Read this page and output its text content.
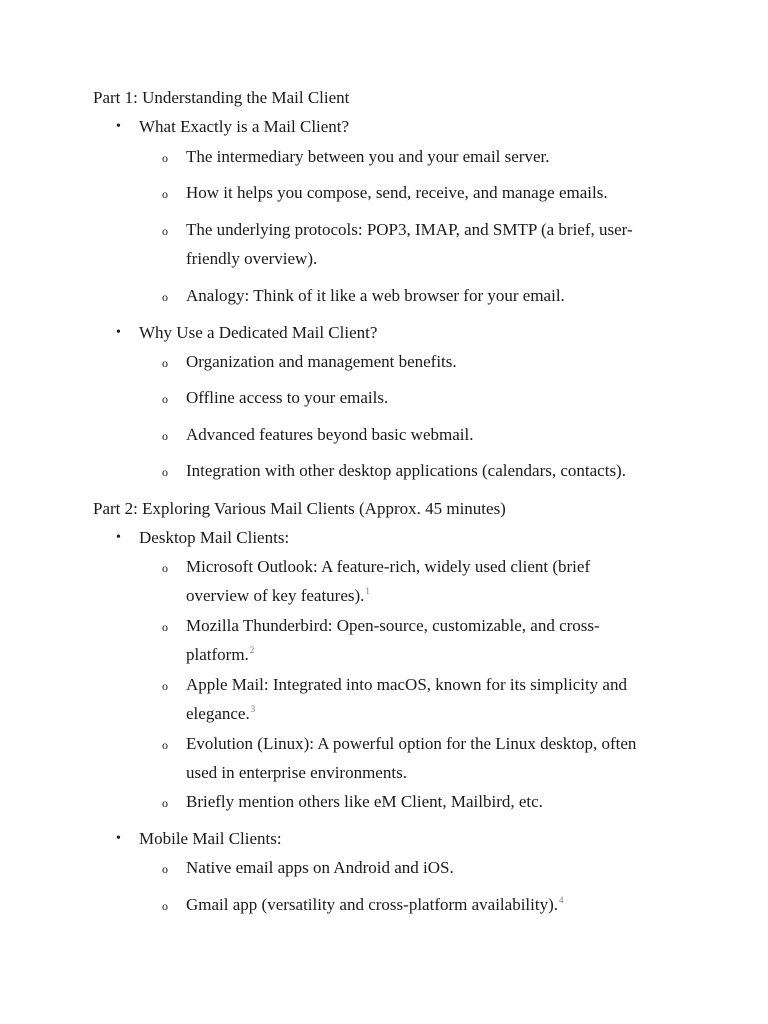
Part 1: Understanding the Mail Client
• What Exactly is a Mail Client?
o The intermediary between you and your email server.
o How it helps you compose, send, receive, and manage emails.
o The underlying protocols: POP3, IMAP, and SMTP (a brief, user-
friendly overview).
o Analogy: Think of it like a web browser for your email.
• Why Use a Dedicated Mail Client?
o Organization and management benefits.
o Offline access to your emails.
o Advanced features beyond basic webmail.
o Integration with other desktop applications (calendars, contacts).
Part 2: Exploring Various Mail Clients (Approx. 45 minutes)
• Desktop Mail Clients:
o Microsoft Outlook: A feature-rich, widely used client (brief
overview of key features).$^1$
o Mozilla Thunderbird: Open-source, customizable, and cross-
platform.$^2$
o Apple Mail: Integrated into macOS, known for its simplicity and
elegance.$^3$
o Evolution (Linux): A powerful option for the Linux desktop, often
used in enterprise environments.
o Briefly mention others like eM Client, Mailbird, etc.
• Mobile Mail Clients:
o Native email apps on Android and iOS.
o Gmail app (versatility and cross-platform availability).$^4$
